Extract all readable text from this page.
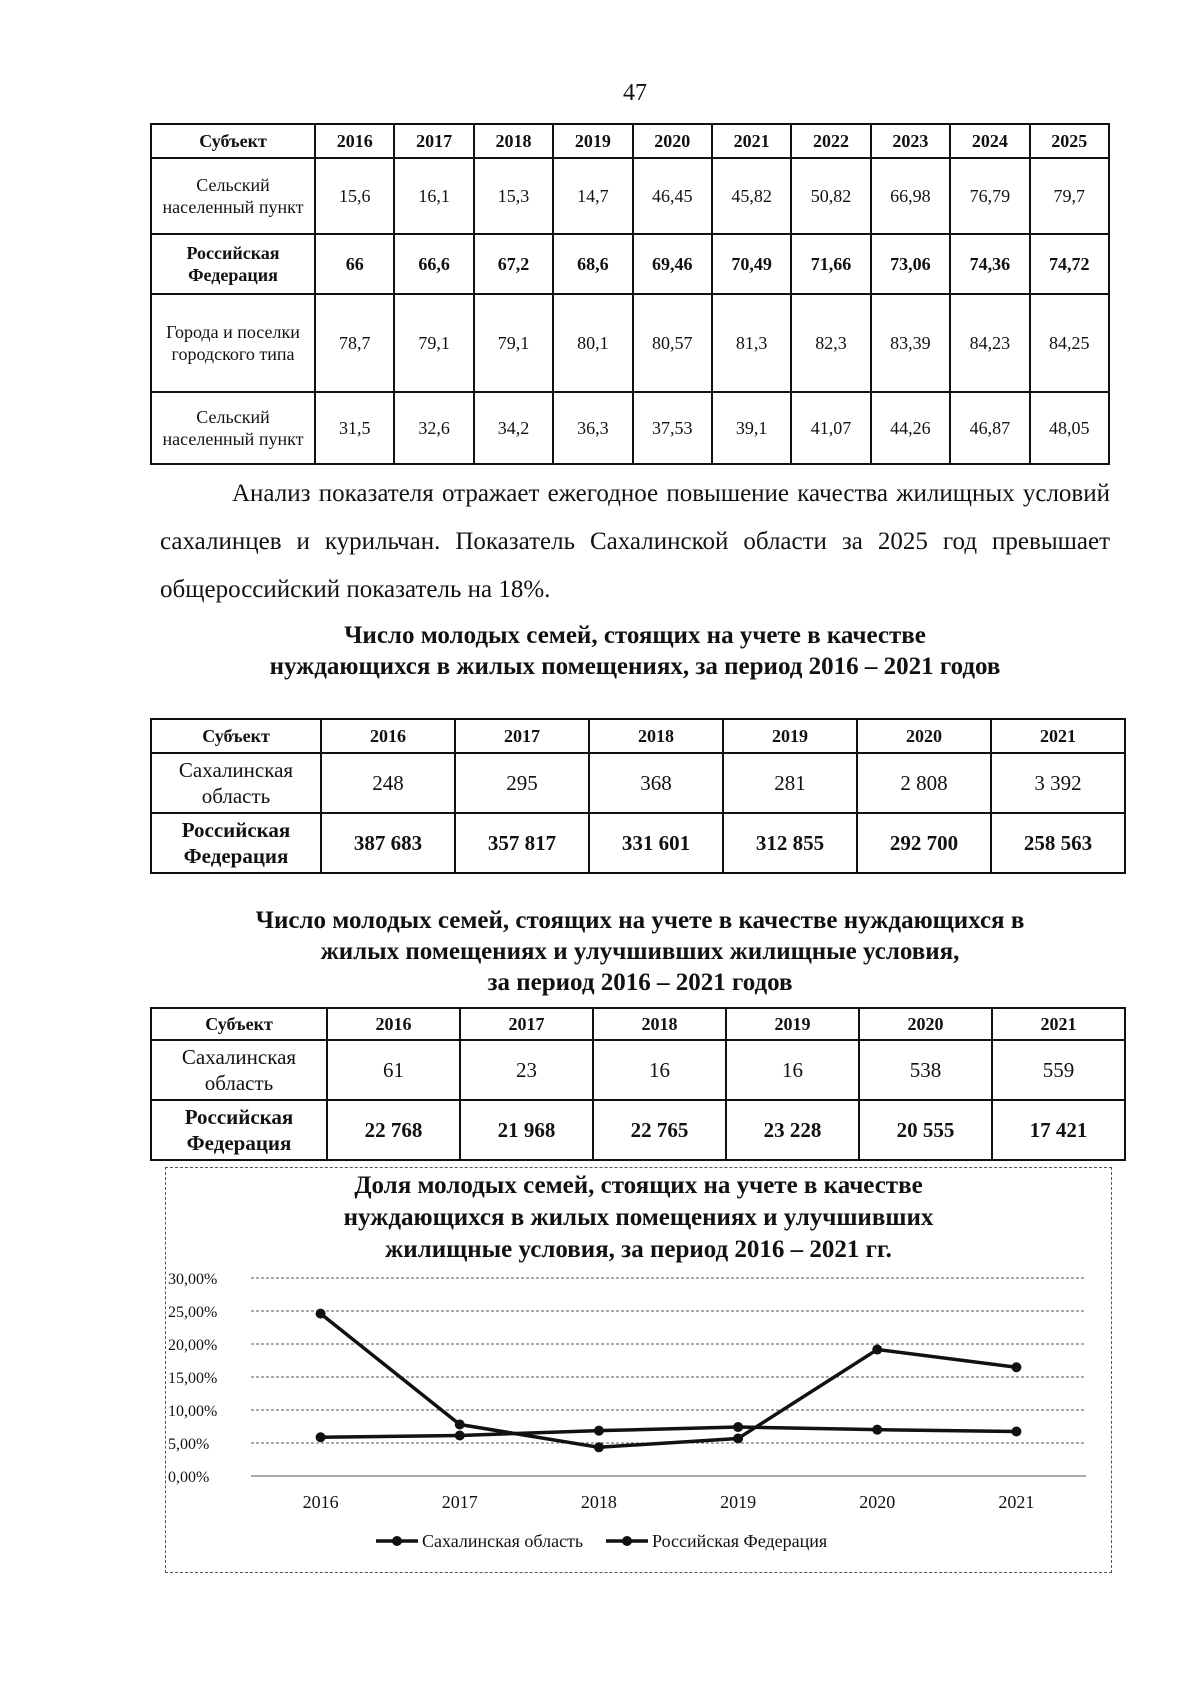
47
Субъект	2016	2017	2018	2019	2020	2021	2022	2023	2024	2025
Сельский населенный пункт	15,6	16,1	15,3	14,7	46,45	45,82	50,82	66,98	76,79	79,7
Российская Федерация	66	66,6	67,2	68,6	69,46	70,49	71,66	73,06	74,36	74,72
Города и поселки городского типа	78,7	79,1	79,1	80,1	80,57	81,3	82,3	83,39	84,23	84,25
Сельский населенный пункт	31,5	32,6	34,2	36,3	37,53	39,1	41,07	44,26	46,87	48,05
Анализ показателя отражает ежегодное повышение качества жилищных условий сахалинцев и курильчан. Показатель Сахалинской области за 2025 год превышает общероссийский показатель на 18%.
Число молодых семей, стоящих на учете в качестве
нуждающихся в жилых помещениях, за период 2016 – 2021 годов
Субъект	2016	2017	2018	2019	2020	2021
Сахалинская область	248	295	368	281	2 808	3 392
Российская Федерация	387 683	357 817	331 601	312 855	292 700	258 563
Число молодых семей, стоящих на учете в качестве нуждающихся в
жилых помещениях и улучшивших жилищные условия,
за период 2016 – 2021 годов
Субъект	2016	2017	2018	2019	2020	2021
Сахалинская область	61	23	16	16	538	559
Российская Федерация	22 768	21 968	22 765	23 228	20 555	17 421
Доля молодых семей, стоящих на учете в качестве
нуждающихся в жилых помещениях и улучшивших
жилищные условия, за период 2016 – 2021 гг.
0,00%
5,00%
10,00%
15,00%
20,00%
25,00%
30,00%
2016	2017	2018	2019	2020	2021
Сахалинская область	Российская Федерация
